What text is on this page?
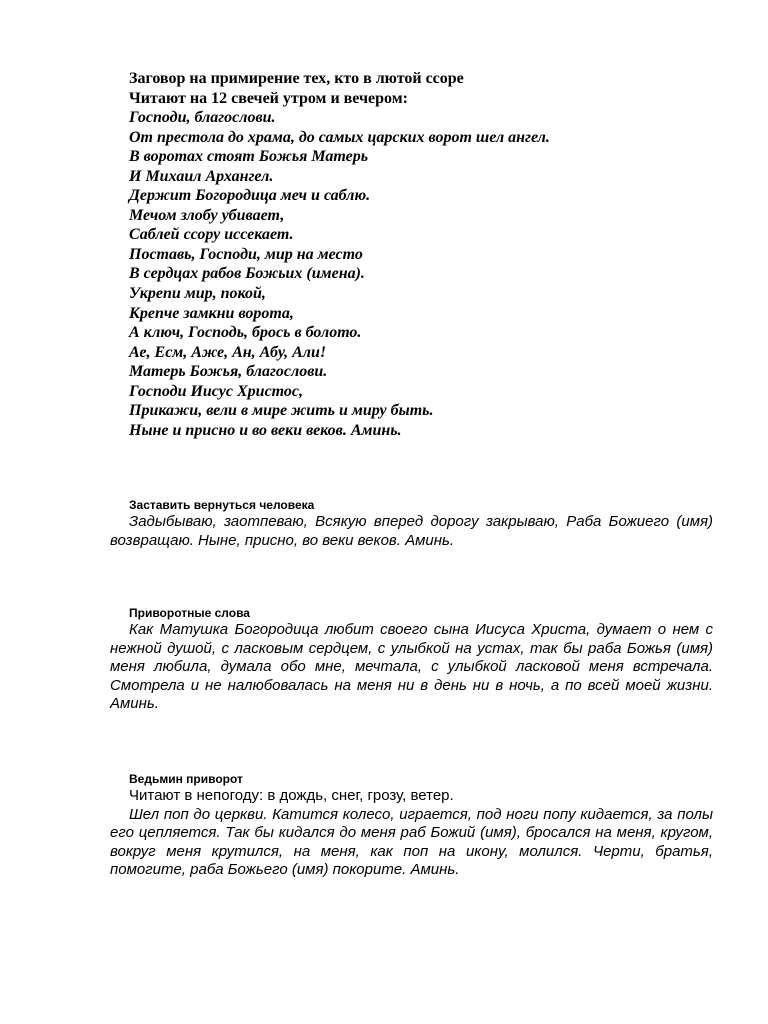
Заговор на примирение тех, кто в лютой ссоре
Читают на 12 свечей утром и вечером:
Господи, благослови.
От престола до храма, до самых царских ворот шел ангел.
В воротах стоят Божья Матерь
И Михаил Архангел.
Держит Богородица меч и саблю.
Мечом злобу убивает,
Саблей ссору иссекает.
Поставь, Господи, мир на место
В сердцах рабов Божьих (имена).
Укрепи мир, покой,
Крепче замкни ворота,
А ключ, Господь, брось в болото.
Ае, Есм, Аже, Ан, Абу, Али!
Матерь Божья, благослови.
Господи Иисус Христос,
Прикажи, вели в мире жить и миру быть.
Ныне и присно и во веки веков. Аминь.
Заставить вернуться человека

Задыбываю, заотпеваю, Всякую вперед дорогу закрываю, Раба Божиего (имя) возвращаю. Ныне, присно, во веки веков. Аминь.

Приворотные слова

Как Матушка Богородица любит своего сына Иисуса Христа, думает о нем с нежной душой, с ласковым сердцем, с улыбкой на устах, так бы раба Божья (имя) меня любила, думала обо мне, мечтала, с улыбкой ласковой меня встречала. Смотрела и не налюбовалась на меня ни в день ни в ночь, а по всей моей жизни. Аминь.

Ведьмин приворот

Читают в непогоду: в дождь, снег, грозу, ветер.

Шел поп до церкви. Катится колесо, играется, под ноги попу кидается, за полы его цепляется. Так бы кидался до меня раб Божий (имя), бросался на меня, кругом, вокруг меня крутился, на меня, как поп на икону, молился. Черти, братья, помогите, раба Божьего (имя) покорите. Аминь.
